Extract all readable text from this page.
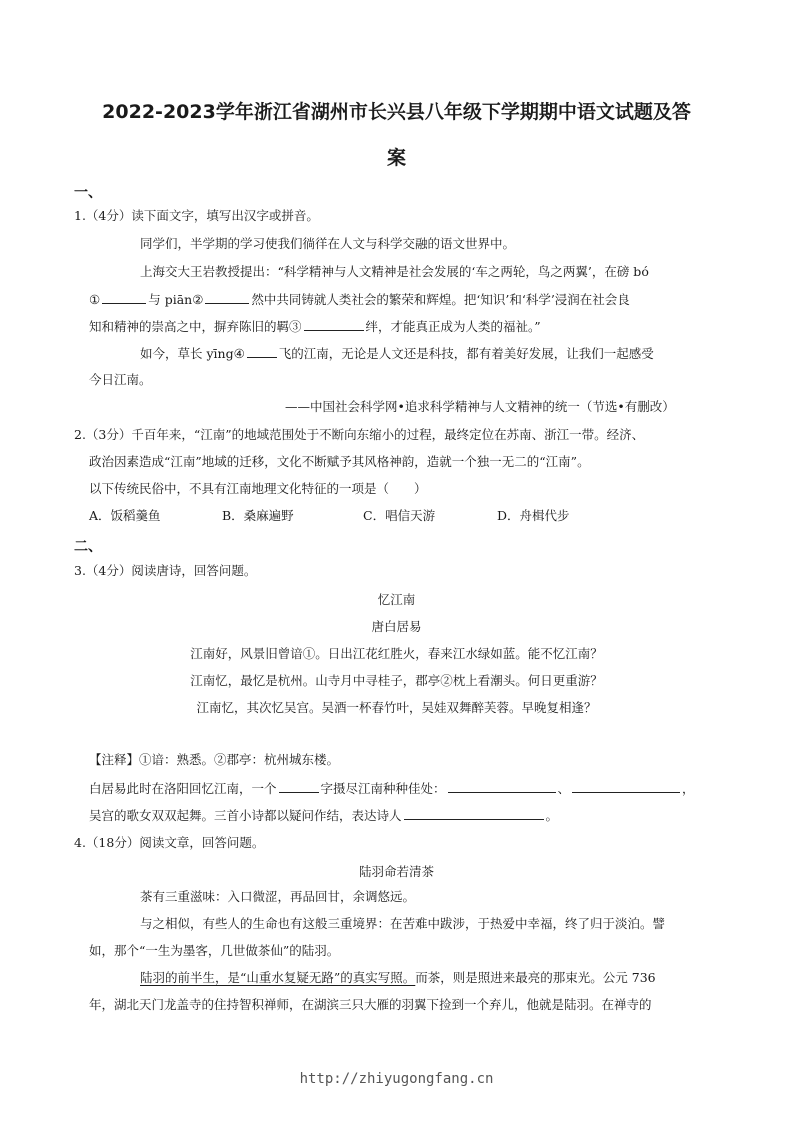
2022-2023学年浙江省湖州市长兴县八年级下学期期中语文试题及答
案
一、
1.（4分）读下面文字，填写出汉字或拼音。
同学们，半学期的学习使我们徜徉在人文与科学交融的语文世界中。
上海交大王岩教授提出：“科学精神与人文精神是社会发展的‘车之两轮，鸟之两翼’，在磅 bó
①	与 piān②	然中共同铸就人类社会的繁荣和辉煌。把‘知识’和‘科学’浸润在社会良
知和精神的崇高之中，摒弃陈旧的羁③	绊，才能真正成为人类的福祉。”
如今，草长 yīng④	飞的江南，无论是人文还是科技，都有着美好发展，让我们一起感受
今日江南。
——中国社会科学网•追求科学精神与人文精神的统一（节选•有删改）
2.（3分）千百年来，“江南”的地域范围处于不断向东缩小的过程，最终定位在苏南、浙江一带。经济、
政治因素造成“江南”地域的迁移，文化不断赋予其风格神韵，造就一个独一无二的“江南”。
以下传统民俗中，不具有江南地理文化特征的一项是（　　）
A．饭稻羹鱼	B．桑麻遍野	C．唱信天游	D．舟楫代步
二、
3.（4分）阅读唐诗，回答问题。
忆江南
唐白居易
江南好，风景旧曾谙①。日出江花红胜火，春来江水绿如蓝。能不忆江南？
江南忆，最忆是杭州。山寺月中寻桂子，郡亭②枕上看潮头。何日更重游？
江南忆，其次忆吴宫。吴酒一杯春竹叶，吴娃双舞醉芙蓉。早晚复相逢？
【注释】①谙：熟悉。②郡亭：杭州城东楼。
白居易此时在洛阳回忆江南，一个	字摄尽江南种种佳处：	、	，
吴宫的歌女双双起舞。三首小诗都以疑问作结，表达诗人	。
4.（18分）阅读文章，回答问题。
陆羽命若清茶
茶有三重滋味：入口微涩，再品回甘，余调悠远。
与之相似，有些人的生命也有这般三重境界：在苦难中跋涉，于热爱中幸福，终了归于淡泊。譬
如，那个“一生为墨客，几世做茶仙”的陆羽。
陆羽的前半生，是“山重水复疑无路”的真实写照。而茶，则是照进来最亮的那束光。公元 736
年，湖北天门龙盖寺的住持智积禅师，在湖滨三只大雁的羽翼下捡到一个弃儿，他就是陆羽。在禅寺的
http://zhiyugongfang.cn
